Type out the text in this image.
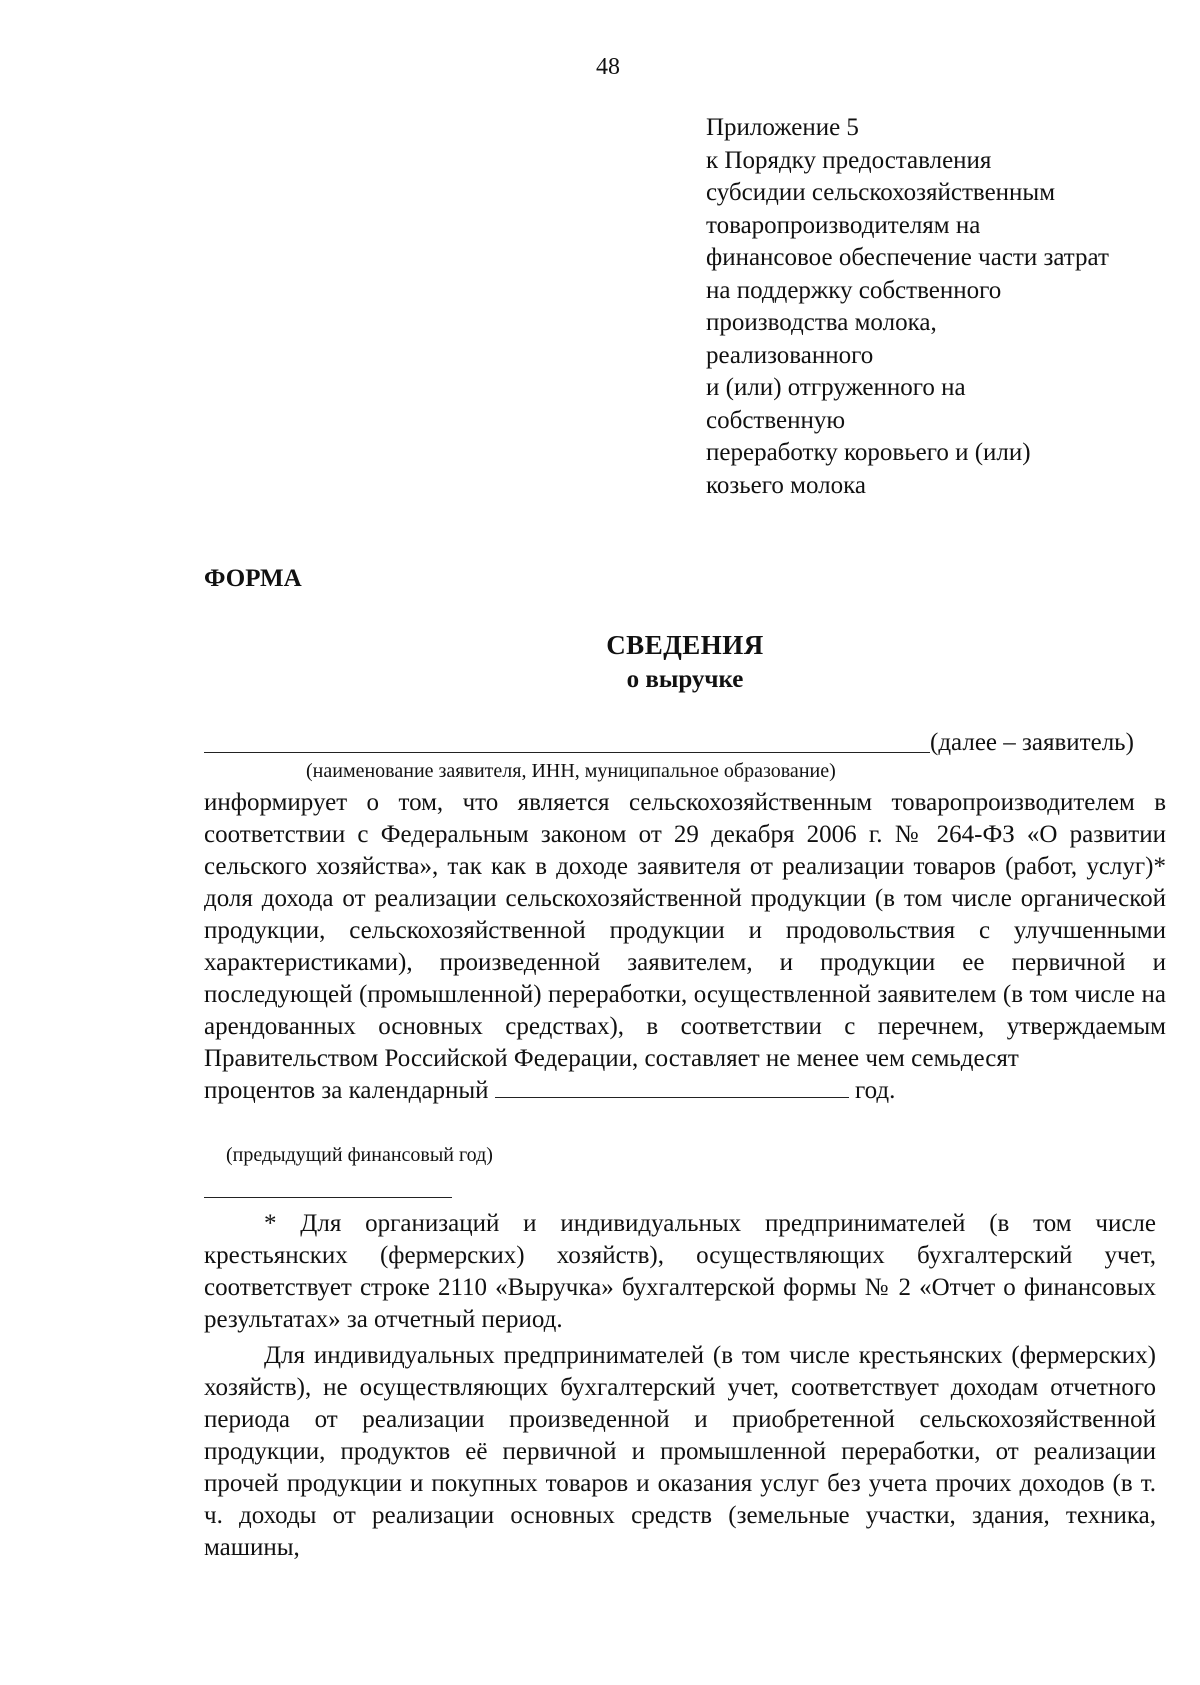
48
Приложение 5
к Порядку предоставления
субсидии сельскохозяйственным
товаропроизводителям на
финансовое обеспечение части затрат
на поддержку собственного
производства молока,
реализованного
и (или) отгруженного на
собственную
переработку коровьего и (или)
козьего молока
ФОРМА
СВЕДЕНИЯ
о выручке
(далее – заявитель)
(наименование заявителя, ИНН, муниципальное образование)

информирует о том, что является сельскохозяйственным товаропроизводителем в соответствии с Федеральным законом от 29 декабря 2006 г. № 264-ФЗ «О развитии сельского хозяйства», так как в доходе заявителя от реализации товаров (работ, услуг)* доля дохода от реализации сельскохозяйственной продукции (в том числе органической продукции, сельскохозяйственной продукции и продовольствия с улучшенными характеристиками), произведенной заявителем, и продукции ее первичной и последующей (промышленной) переработки, осуществленной заявителем (в том числе на арендованных основных средствах), в соответствии с перечнем, утверждаемым Правительством Российской Федерации, составляет не менее чем семьдесят

процентов за календарный	год.
(предыдущий финансовый год)

* Для организаций и индивидуальных предпринимателей (в том числе крестьянских (фермерских) хозяйств), осуществляющих бухгалтерский учет, соответствует строке 2110 «Выручка» бухгалтерской формы № 2 «Отчет о финансовых результатах» за отчетный период.

Для индивидуальных предпринимателей (в том числе крестьянских (фермерских) хозяйств), не осуществляющих бухгалтерский учет, соответствует доходам отчетного периода от реализации произведенной и приобретенной сельскохозяйственной продукции, продуктов её первичной и промышленной переработки, от реализации прочей продукции и покупных товаров и оказания услуг без учета прочих доходов (в т. ч. доходы от реализации основных средств (земельные участки, здания, техника, машины,
